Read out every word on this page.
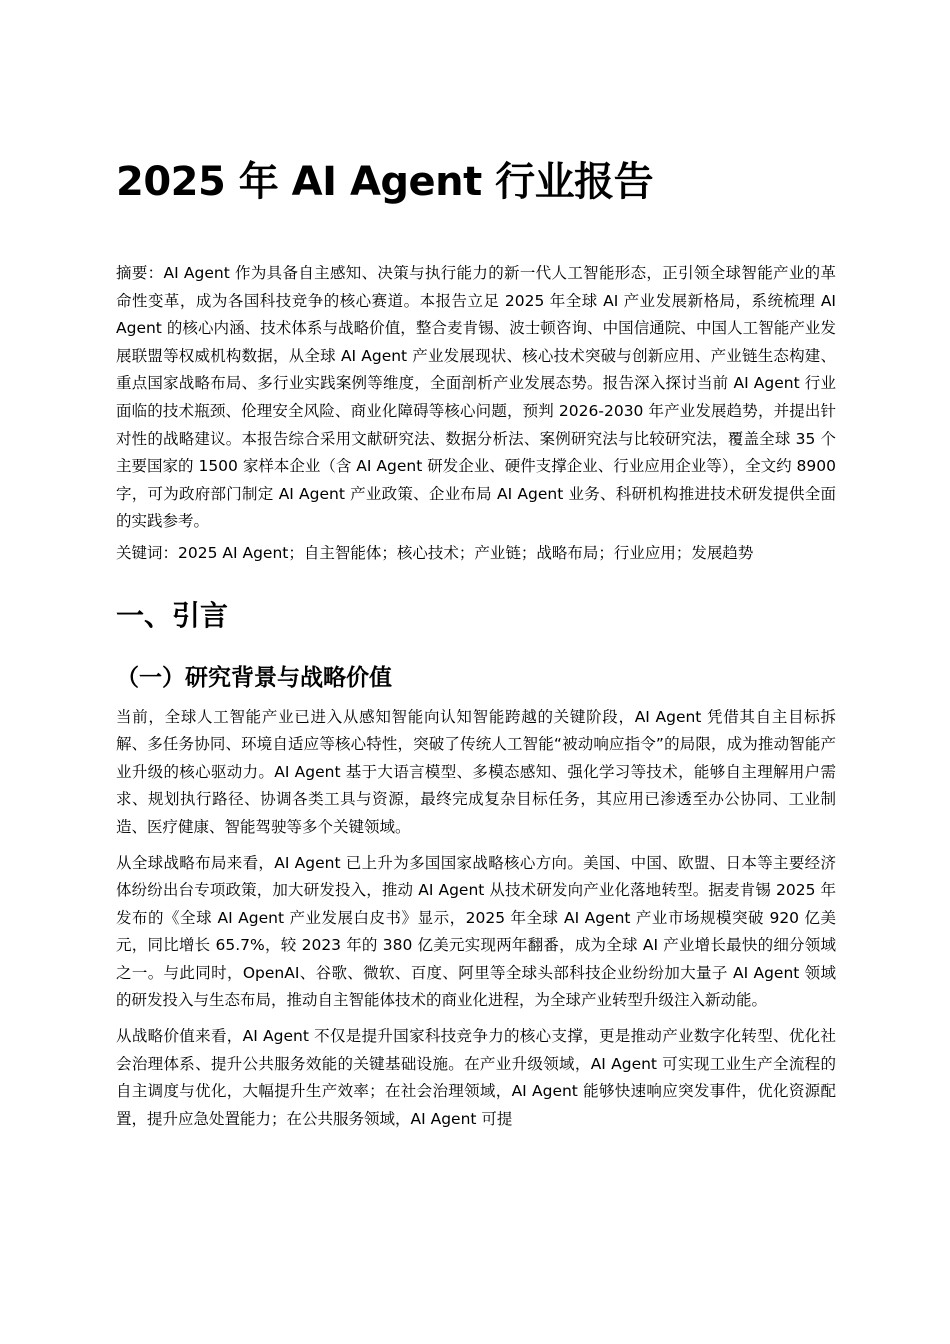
2025 年 AI Agent 行业报告

摘要：AI Agent 作为具备自主感知、决策与执行能力的新一代人工智能形态，正引领全球智能产业的革命性变革，成为各国科技竞争的核心赛道。本报告立足 2025 年全球 AI 产业发展新格局，系统梳理 AI Agent 的核心内涵、技术体系与战略价值，整合麦肯锡、波士顿咨询、中国信通院、中国人工智能产业发展联盟等权威机构数据，从全球 AI Agent 产业发展现状、核心技术突破与创新应用、产业链生态构建、重点国家战略布局、多行业实践案例等维度，全面剖析产业发展态势。报告深入探讨当前 AI Agent 行业面临的技术瓶颈、伦理安全风险、商业化障碍等核心问题，预判 2026-2030 年产业发展趋势，并提出针对性的战略建议。本报告综合采用文献研究法、数据分析法、案例研究法与比较研究法，覆盖全球 35 个主要国家的 1500 家样本企业（含 AI Agent 研发企业、硬件支撑企业、行业应用企业等），全文约 8900 字，可为政府部门制定 AI Agent 产业政策、企业布局 AI Agent 业务、科研机构推进技术研发提供全面的实践参考。

关键词：2025 AI Agent；自主智能体；核心技术；产业链；战略布局；行业应用；发展趋势

一、引言
（一）研究背景与战略价值

当前，全球人工智能产业已进入从感知智能向认知智能跨越的关键阶段，AI Agent 凭借其自主目标拆解、多任务协同、环境自适应等核心特性，突破了传统人工智能“被动响应指令”的局限，成为推动智能产业升级的核心驱动力。AI Agent 基于大语言模型、多模态感知、强化学习等技术，能够自主理解用户需求、规划执行路径、协调各类工具与资源，最终完成复杂目标任务，其应用已渗透至办公协同、工业制造、医疗健康、智能驾驶等多个关键领域。

从全球战略布局来看，AI Agent 已上升为多国国家战略核心方向。美国、中国、欧盟、日本等主要经济体纷纷出台专项政策，加大研发投入，推动 AI Agent 从技术研发向产业化落地转型。据麦肯锡 2025 年发布的《全球 AI Agent 产业发展白皮书》显示，2025 年全球 AI Agent 产业市场规模突破 920 亿美元，同比增长 65.7%，较 2023 年的 380 亿美元实现两年翻番，成为全球 AI 产业增长最快的细分领域之一。与此同时，OpenAI、谷歌、微软、百度、阿里等全球头部科技企业纷纷加大量子 AI Agent 领域的研发投入与生态布局，推动自主智能体技术的商业化进程，为全球产业转型升级注入新动能。

从战略价值来看，AI Agent 不仅是提升国家科技竞争力的核心支撑，更是推动产业数字化转型、优化社会治理体系、提升公共服务效能的关键基础设施。在产业升级领域，AI Agent 可实现工业生产全流程的自主调度与优化，大幅提升生产效率；在社会治理领域，AI Agent 能够快速响应突发事件，优化资源配置，提升应急处置能力；在公共服务领域，AI Agent 可提
